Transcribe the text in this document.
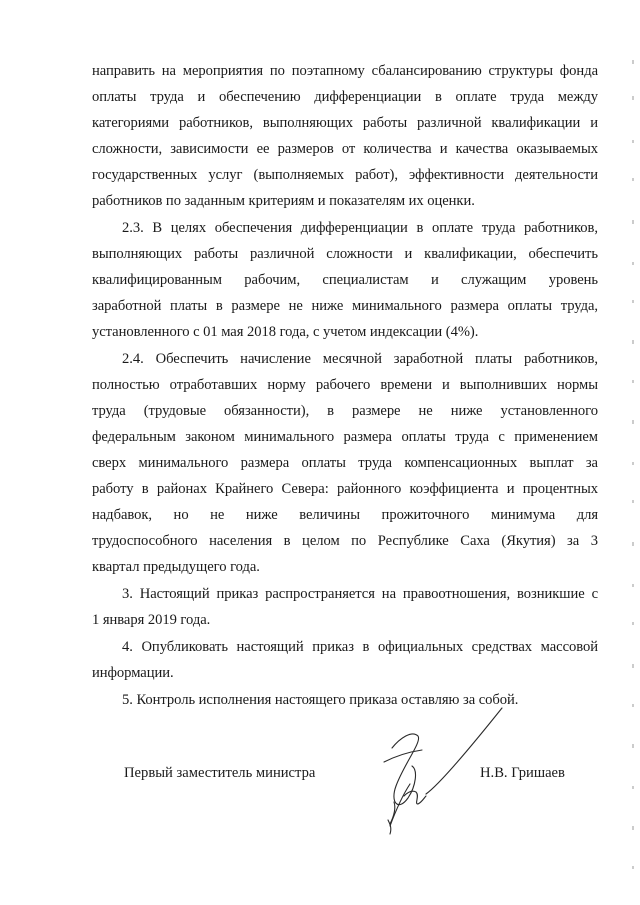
направить на мероприятия по поэтапному сбалансированию структуры фонда
оплаты труда и обеспечению дифференциации в оплате труда между
категориями работников, выполняющих работы различной квалификации и
сложности, зависимости ее размеров от количества и качества оказываемых
государственных услуг (выполняемых работ), эффективности деятельности
работников по заданным критериям и показателям их оценки.
2.3. В целях обеспечения дифференциации в оплате труда работников,
выполняющих работы различной сложности и квалификации, обеспечить
квалифицированным рабочим, специалистам и служащим уровень
заработной платы в размере не ниже минимального размера оплаты труда,
установленного с 01 мая 2018 года, с учетом индексации (4%).
2.4. Обеспечить начисление месячной заработной платы работников,
полностью отработавших норму рабочего времени и выполнивших нормы
труда (трудовые обязанности), в размере не ниже установленного
федеральным законом минимального размера оплаты труда с применением
сверх минимального размера оплаты труда компенсационных выплат за
работу в районах Крайнего Севера: районного коэффициента и процентных
надбавок, но не ниже величины прожиточного минимума для
трудоспособного населения в целом по Республике Саха (Якутия) за 3
квартал предыдущего года.
3. Настоящий приказ распространяется на правоотношения, возникшие с
1 января 2019 года.
4. Опубликовать настоящий приказ в официальных средствах массовой
информации.
5. Контроль исполнения настоящего приказа оставляю за собой.
Первый заместитель министра	Н.В. Гришаев
